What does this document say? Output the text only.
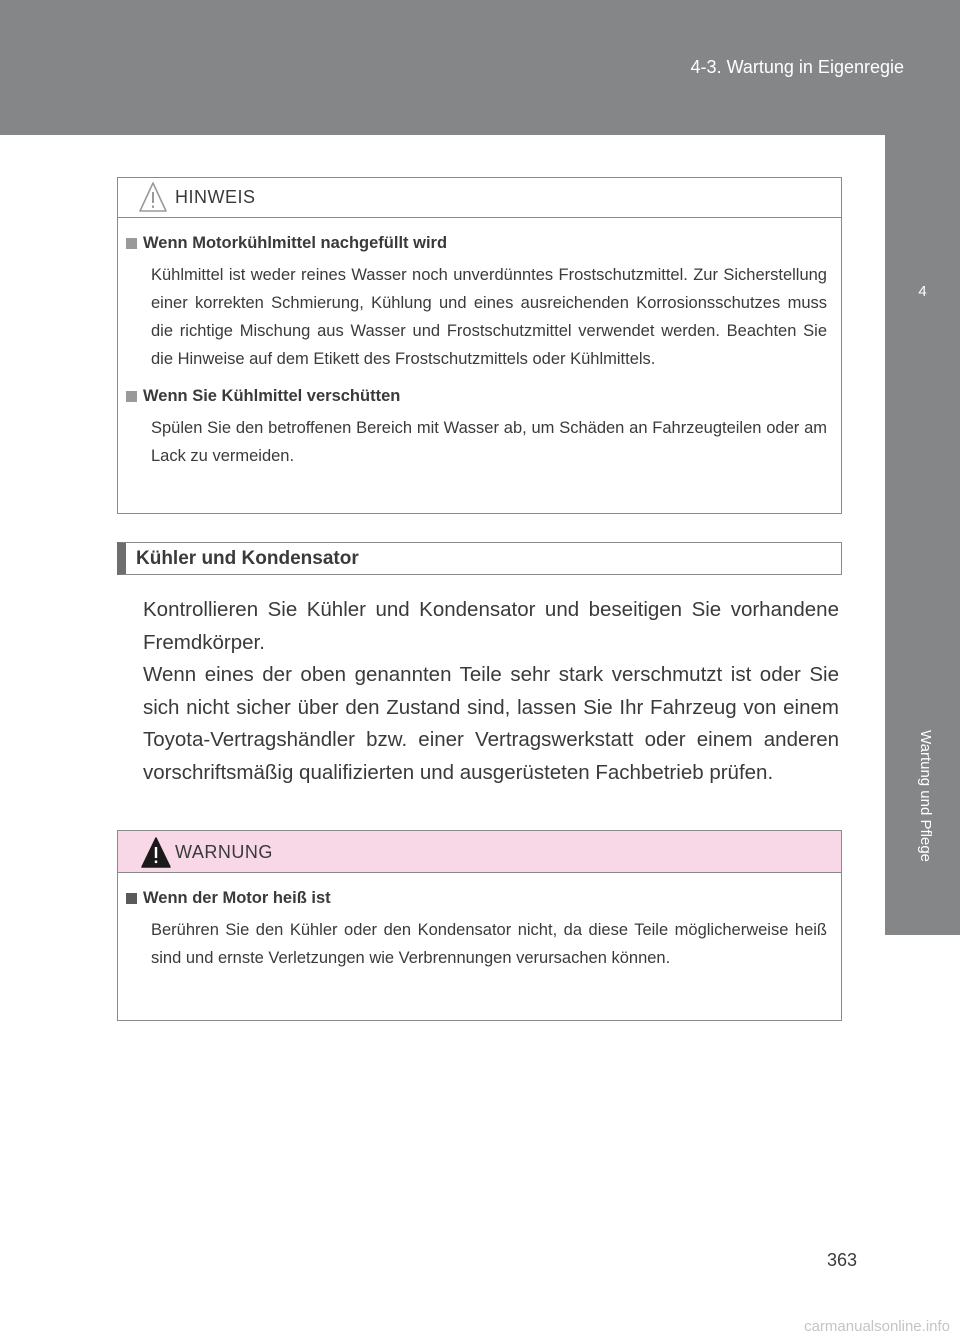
4-3. Wartung in Eigenregie
4
Wartung und Pflege
HINWEIS
Wenn Motorkühlmittel nachgefüllt wird
Kühlmittel ist weder reines Wasser noch unverdünntes Frostschutzmittel. Zur Sicherstellung einer korrekten Schmierung, Kühlung und eines ausreichenden Korrosionsschutzes muss die richtige Mischung aus Wasser und Frostschutzmittel verwendet werden. Beachten Sie die Hinweise auf dem Etikett des Frostschutzmittels oder Kühlmittels.
Wenn Sie Kühlmittel verschütten
Spülen Sie den betroffenen Bereich mit Wasser ab, um Schäden an Fahrzeugteilen oder am Lack zu vermeiden.
Kühler und Kondensator

Kontrollieren Sie Kühler und Kondensator und beseitigen Sie vorhandene Fremdkörper.

Wenn eines der oben genannten Teile sehr stark verschmutzt ist oder Sie sich nicht sicher über den Zustand sind, lassen Sie Ihr Fahrzeug von einem Toyota-Vertragshändler bzw. einer Vertragswerkstatt oder einem anderen vorschriftsmäßig qualifizierten und ausgerüsteten Fachbetrieb prüfen.

WARNUNG
Wenn der Motor heiß ist
Berühren Sie den Kühler oder den Kondensator nicht, da diese Teile möglicherweise heiß sind und ernste Verletzungen wie Verbrennungen verursachen können.
363
carmanualsonline.info
